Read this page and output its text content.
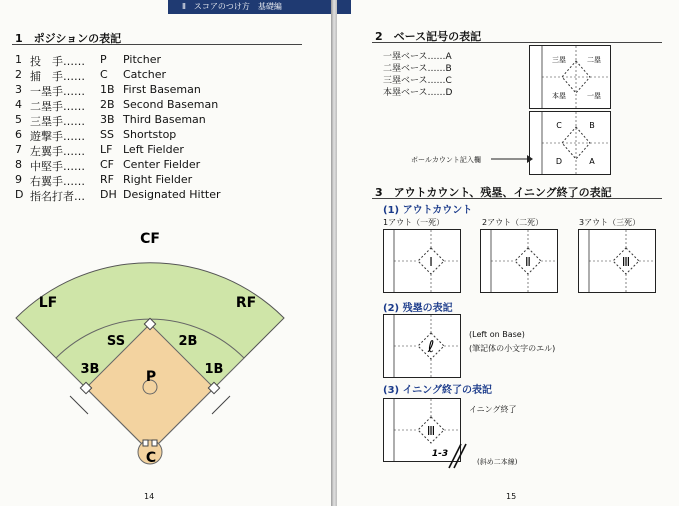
Ⅱ　スコアのつけ方　基礎編
1　ポジションの表記
1 投　手…… P Pitcher
2 捕　手…… C Catcher
3 一塁手…… 1B First Baseman
4 二塁手…… 2B Second Baseman
5 三塁手…… 3B Third Baseman
6 遊撃手…… SS Shortstop
7 左翼手…… LF Left Fielder
8 中堅手…… CF Center Fielder
9 右翼手…… RF Right Fielder
D 指名打者… DH Designated Hitter
CF
LF	RF
SS	2B
3B	1B
P
C
14
2　ベース記号の表記
一塁ベース……A
二塁ベース……B
三塁ベース……C
本塁ベース……D
三塁	二塁
本塁	一塁
C	B
D	A
ボールカウント記入欄
3　アウトカウント、残塁、イニング終了の表記
(1) アウトカウント
1アウト（一死）	2アウト（二死）	3アウト（三死）
Ⅰ	Ⅱ	Ⅲ
(2) 残塁の表記
ℓ
(Left on Base)
(筆記体の小文字のエル)
(3) イニング終了の表記
Ⅲ
1-3
イニング終了
(斜め二本線)
15
